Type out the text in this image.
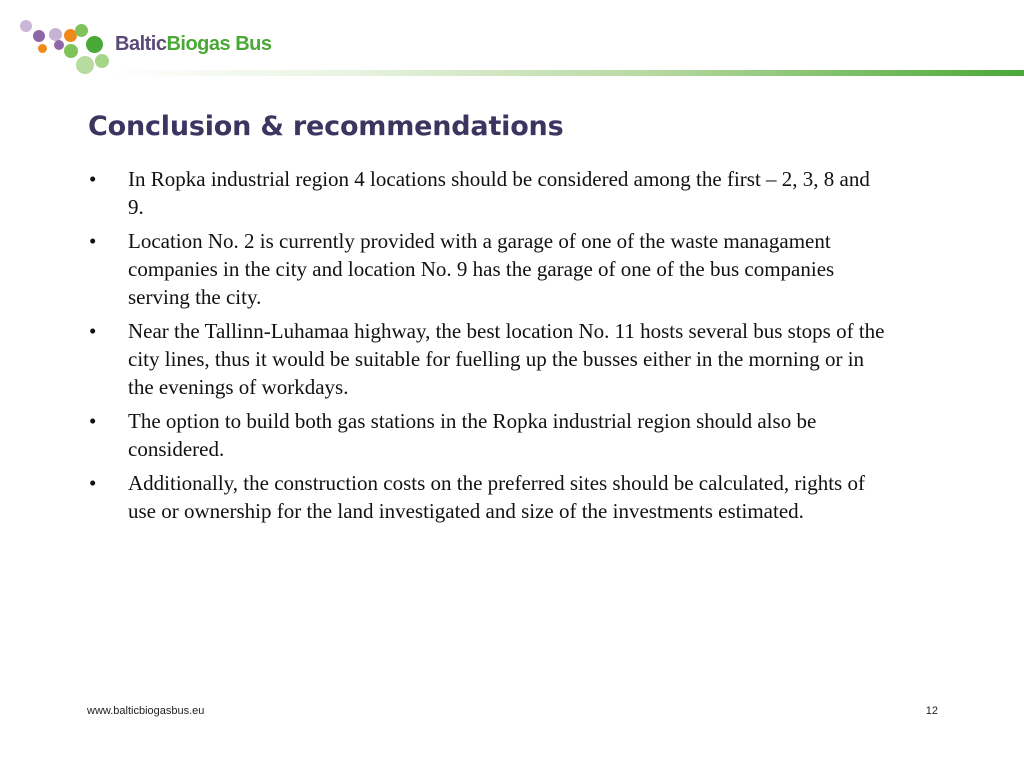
BalticBiogas Bus
Conclusion & recommendations
• In Ropka industrial region 4 locations should be considered among the first – 2, 3, 8 and 9.
• Location No. 2 is currently provided with a garage of one of the waste managament companies in the city and location No. 9 has the garage of one of the bus companies serving the city.
• Near the Tallinn-Luhamaa highway, the best location No. 11 hosts several bus stops of the city lines, thus it would be suitable for fuelling up the busses either in the morning or in the evenings of workdays.
• The option to build both gas stations in the Ropka industrial region should also be considered.
• Additionally, the construction costs on the preferred sites should be calculated, rights of use or ownership for the land investigated and size of the investments estimated.
www.balticbiogasbus.eu	12
